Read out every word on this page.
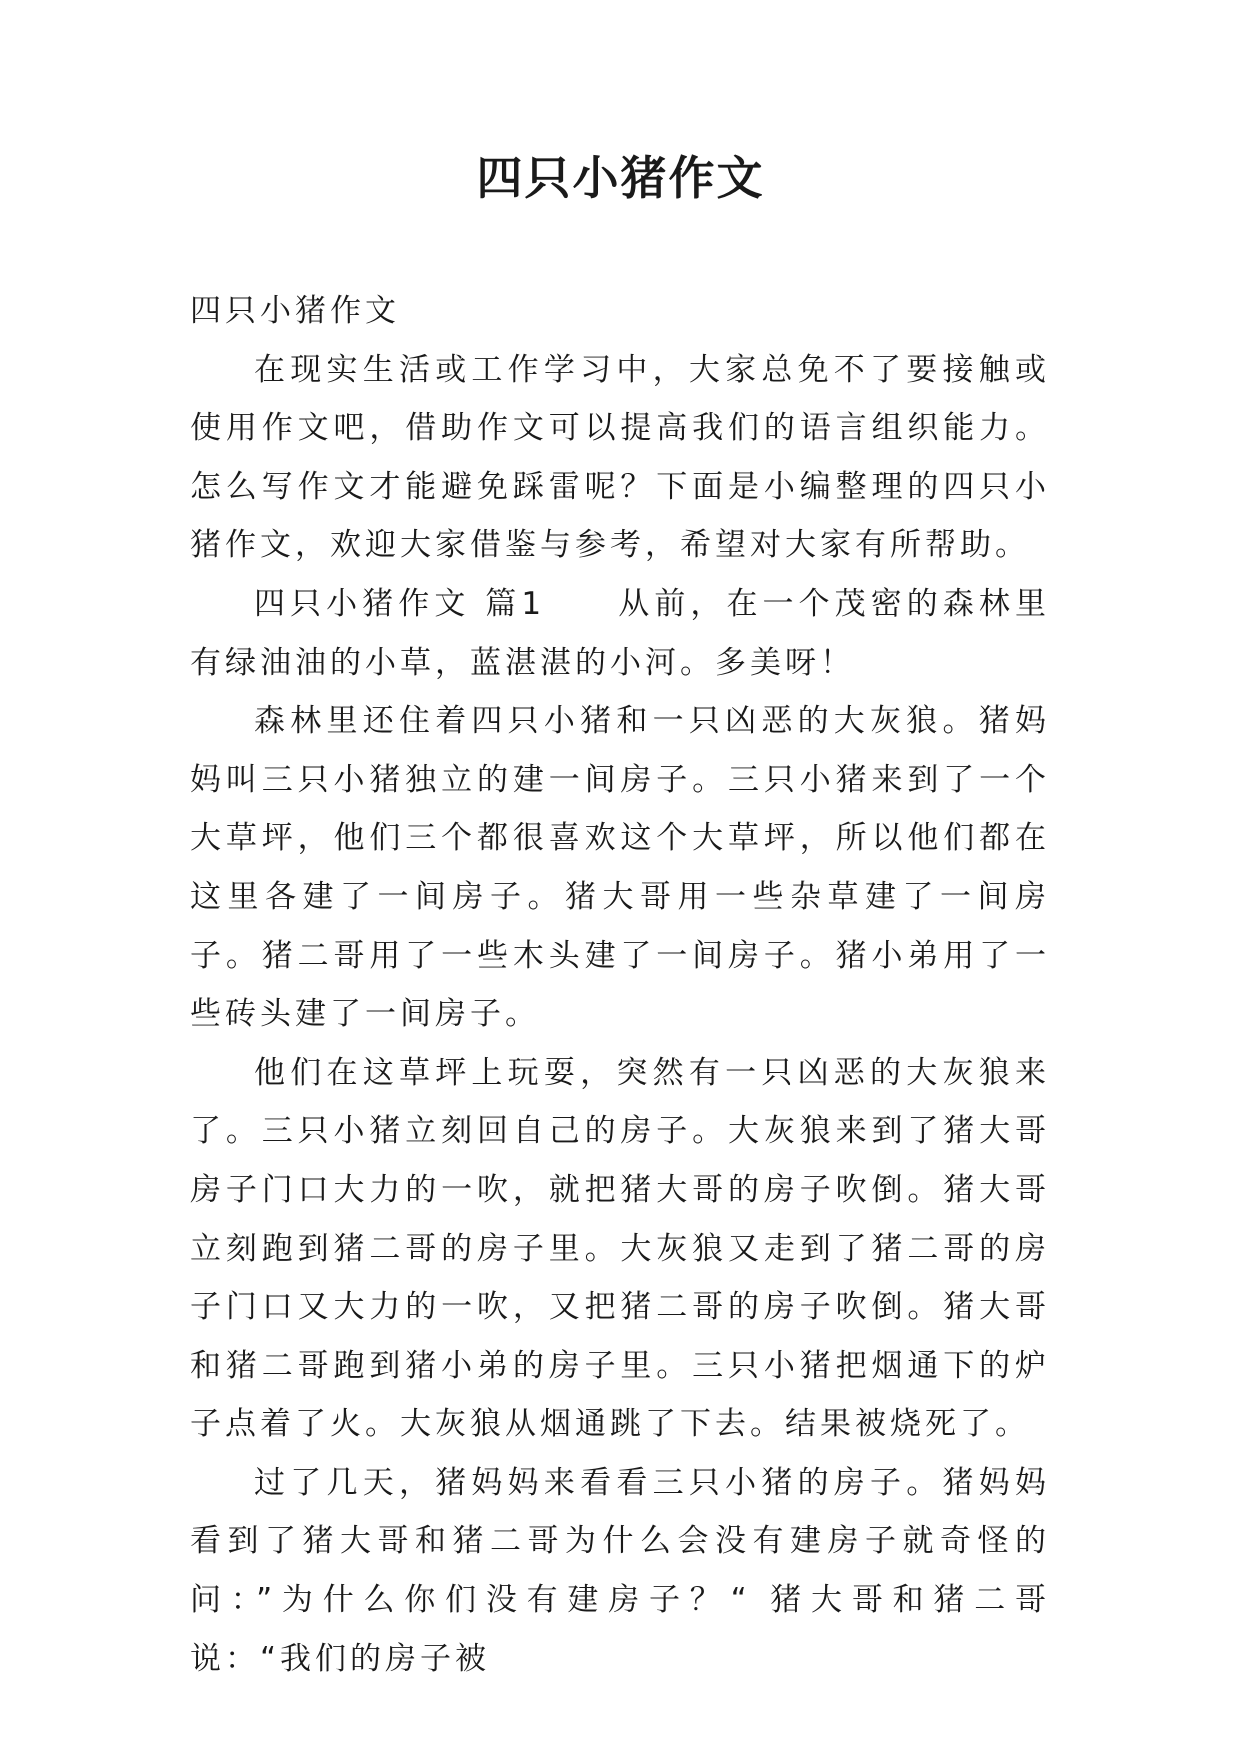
四只小猪作文

四只小猪作文

在现实生活或工作学习中，大家总免不了要接触或使用作文吧，借助作文可以提高我们的语言组织能力。怎么写作文才能避免踩雷呢？下面是小编整理的四只小猪作文，欢迎大家借鉴与参考，希望对大家有所帮助。

四只小猪作文 篇1　　从前，在一个茂密的森林里有绿油油的小草，蓝湛湛的小河。多美呀！

森林里还住着四只小猪和一只凶恶的大灰狼。猪妈妈叫三只小猪独立的建一间房子。三只小猪来到了一个大草坪，他们三个都很喜欢这个大草坪，所以他们都在这里各建了一间房子。猪大哥用一些杂草建了一间房子。猪二哥用了一些木头建了一间房子。猪小弟用了一些砖头建了一间房子。

他们在这草坪上玩耍，突然有一只凶恶的大灰狼来了。三只小猪立刻回自己的房子。大灰狼来到了猪大哥房子门口大力的一吹，就把猪大哥的房子吹倒。猪大哥立刻跑到猪二哥的房子里。大灰狼又走到了猪二哥的房子门口又大力的一吹，又把猪二哥的房子吹倒。猪大哥和猪二哥跑到猪小弟的房子里。三只小猪把烟通下的炉子点着了火。大灰狼从烟通跳了下去。结果被烧死了。

过了几天，猪妈妈来看看三只小猪的房子。猪妈妈看到了猪大哥和猪二哥为什么会没有建房子就奇怪的问：”为什么你们没有建房子？“ 猪大哥和猪二哥说：“我们的房子被
